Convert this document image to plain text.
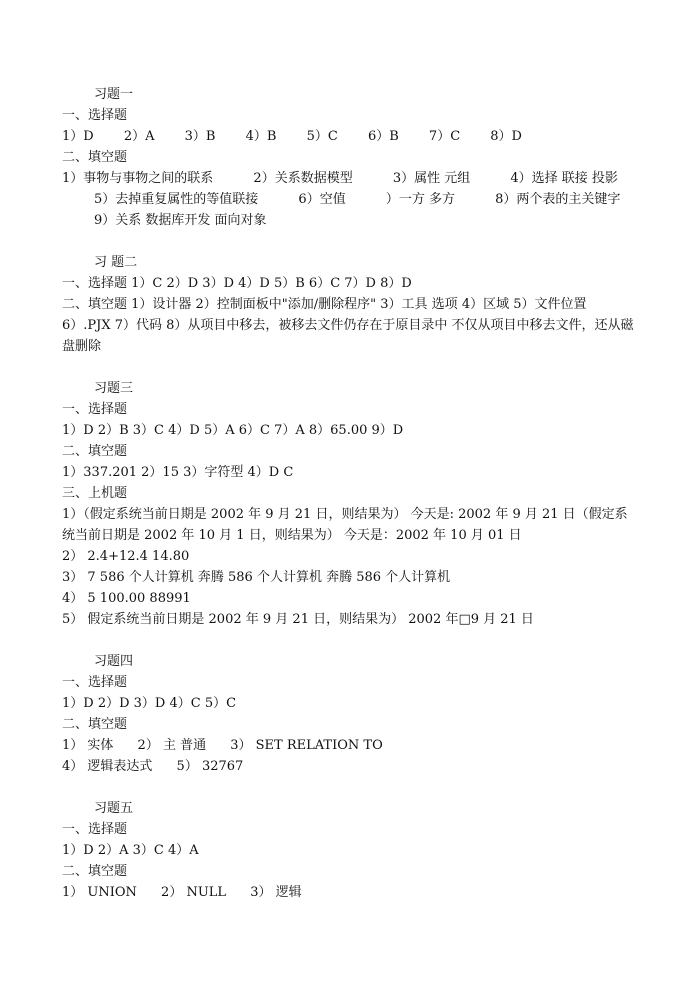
习题一
一、选择题
1）D 2）A 3）B 4）B 5）C 6）B 7）C 8）D
二、填空题
1）事物与事物之间的联系	2）关系数据模型	3）属性 元组	4）选择 联接 投影
5）去掉重复属性的等值联接	6）空值	）一方 多方	8）两个表的主关键字
9）关系 数据库开发 面向对象
习 题二
一、选择题 1）C 2）D 3）D 4）D 5）B 6）C 7）D 8）D
二、填空题 1）设计器 2）控制面板中"添加/删除程序" 3）工具 选项 4）区域 5）文件位置 6）.PJX 7）代码 8）从项目中移去，被移去文件仍存在于原目录中 不仅从项目中移去文件，还从磁盘删除
习题三
一、选择题
1）D 2）B 3）C 4）D 5）A 6）C 7）A 8）65.00 9）D
二、填空题
1）337.201 2）15 3）字符型 4）D C
三、上机题
1）（假定系统当前日期是 2002 年 9 月 21 日，则结果为） 今天是: 2002 年 9 月 21 日（假定系统当前日期是 2002 年 10 月 1 日，则结果为） 今天是：2002 年 10 月 01 日
2） 2.4+12.4 14.80
3） 7 586 个人计算机 奔腾 586 个人计算机 奔腾 586 个人计算机
4） 5 100.00 88991
5） 假定系统当前日期是 2002 年 9 月 21 日，则结果为） 2002 年□9 月 21 日
习题四
一、选择题
1）D 2）D 3）D 4）C 5）C
二、填空题
1） 实体 2） 主 普通 3） SET RELATION TO
4） 逻辑表达式 5） 32767
习题五
一、选择题
1）D 2）A 3）C 4）A
二、填空题
1） UNION 2） NULL 3） 逻辑
